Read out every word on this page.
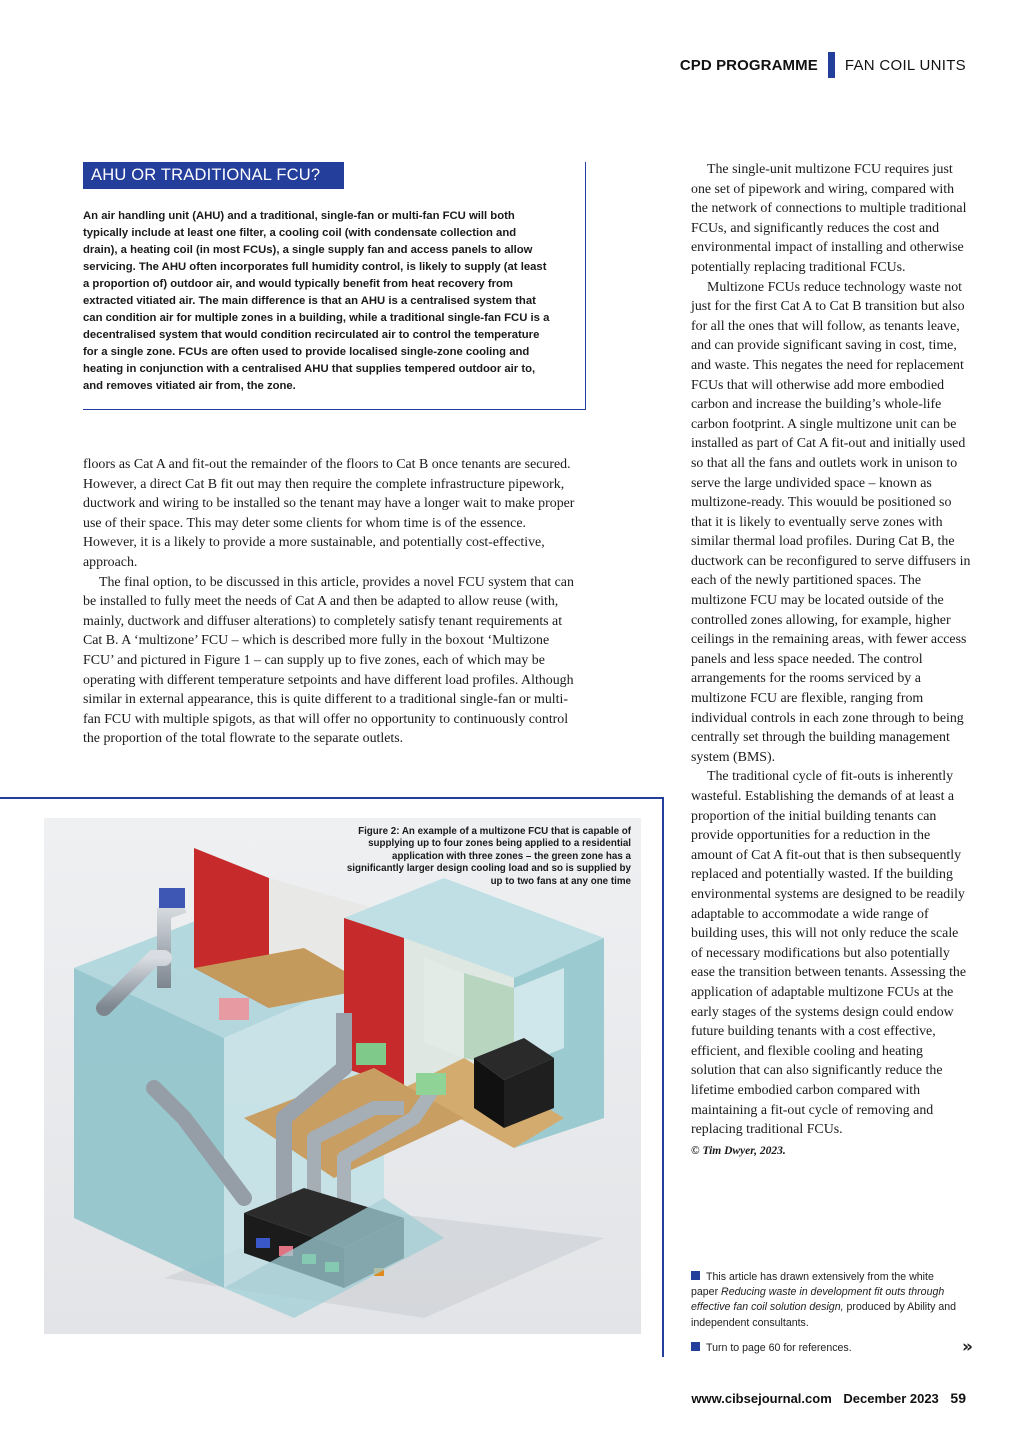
CPD PROGRAMME FAN COIL UNITS
AHU OR TRADITIONAL FCU?

An air handling unit (AHU) and a traditional, single-fan or multi-fan FCU will both typically include at least one filter, a cooling coil (with condensate collection and drain), a heating coil (in most FCUs), a single supply fan and access panels to allow servicing. The AHU often incorporates full humidity control, is likely to supply (at least a proportion of) outdoor air, and would typically benefit from heat recovery from extracted vitiated air. The main difference is that an AHU is a centralised system that can condition air for multiple zones in a building, while a traditional single-fan FCU is a decentralised system that would condition recirculated air to control the temperature for a single zone. FCUs are often used to provide localised single-zone cooling and heating in conjunction with a centralised AHU that supplies tempered outdoor air to, and removes vitiated air from, the zone.

floors as Cat A and fit-out the remainder of the floors to Cat B once tenants are secured. However, a direct Cat B fit out may then require the complete infrastructure pipework, ductwork and wiring to be installed so the tenant may have a longer wait to make proper use of their space. This may deter some clients for whom time is of the essence. However, it is a likely to provide a more sustainable, and potentially cost-effective, approach.

The final option, to be discussed in this article, provides a novel FCU system that can be installed to fully meet the needs of Cat A and then be adapted to allow reuse (with, mainly, ductwork and diffuser alterations) to completely satisfy tenant requirements at Cat B. A ‘multizone’ FCU – which is described more fully in the boxout ‘Multizone FCU’ and pictured in Figure 1 – can supply up to five zones, each of which may be operating with different temperature setpoints and have different load profiles. Although similar in external appearance, this is quite different to a traditional single-fan or multi-fan FCU with multiple spigots, as that will offer no opportunity to continuously control the proportion of the total flowrate to the separate outlets.

Figure 2: An example of a multizone FCU that is capable of supplying up to four zones being applied to a residential application with three zones – the green zone has a significantly larger design cooling load and so is supplied by up to two fans at any one time

The single-unit multizone FCU requires just one set of pipework and wiring, compared with the network of connections to multiple traditional FCUs, and significantly reduces the cost and environmental impact of installing and otherwise potentially replacing traditional FCUs.

Multizone FCUs reduce technology waste not just for the first Cat A to Cat B transition but also for all the ones that will follow, as tenants leave, and can provide significant saving in cost, time, and waste. This negates the need for replacement FCUs that will otherwise add more embodied carbon and increase the building’s whole-life carbon footprint. A single multizone unit can be installed as part of Cat A fit-out and initially used so that all the fans and outlets work in unison to serve the large undivided space – known as multizone-ready. This wouuld be positioned so that it is likely to eventually serve zones with similar thermal load profiles. During Cat B, the ductwork can be reconfigured to serve diffusers in each of the newly partitioned spaces. The multizone FCU may be located outside of the controlled zones allowing, for example, higher ceilings in the remaining areas, with fewer access panels and less space needed. The control arrangements for the rooms serviced by a multizone FCU are flexible, ranging from individual controls in each zone through to being centrally set through the building management system (BMS).

The traditional cycle of fit-outs is inherently wasteful. Establishing the demands of at least a proportion of the initial building tenants can provide opportunities for a reduction in the amount of Cat A fit-out that is then subsequently replaced and potentially wasted. If the building environmental systems are designed to be readily adaptable to accommodate a wide range of building uses, this will not only reduce the scale of necessary modifications but also potentially ease the transition between tenants. Assessing the application of adaptable multizone FCUs at the early stages of the systems design could endow future building tenants with a cost effective, efficient, and flexible cooling and heating solution that can also significantly reduce the lifetime embodied carbon compared with maintaining a fit-out cycle of removing and replacing traditional FCUs.

© Tim Dwyer, 2023.

This article has drawn extensively from the white paper Reducing waste in development fit outs through effective fan coil solution design, produced by Ability and independent consultants.
Turn to page 60 for references.	»
www.cibsejournal.com December 2023 59
